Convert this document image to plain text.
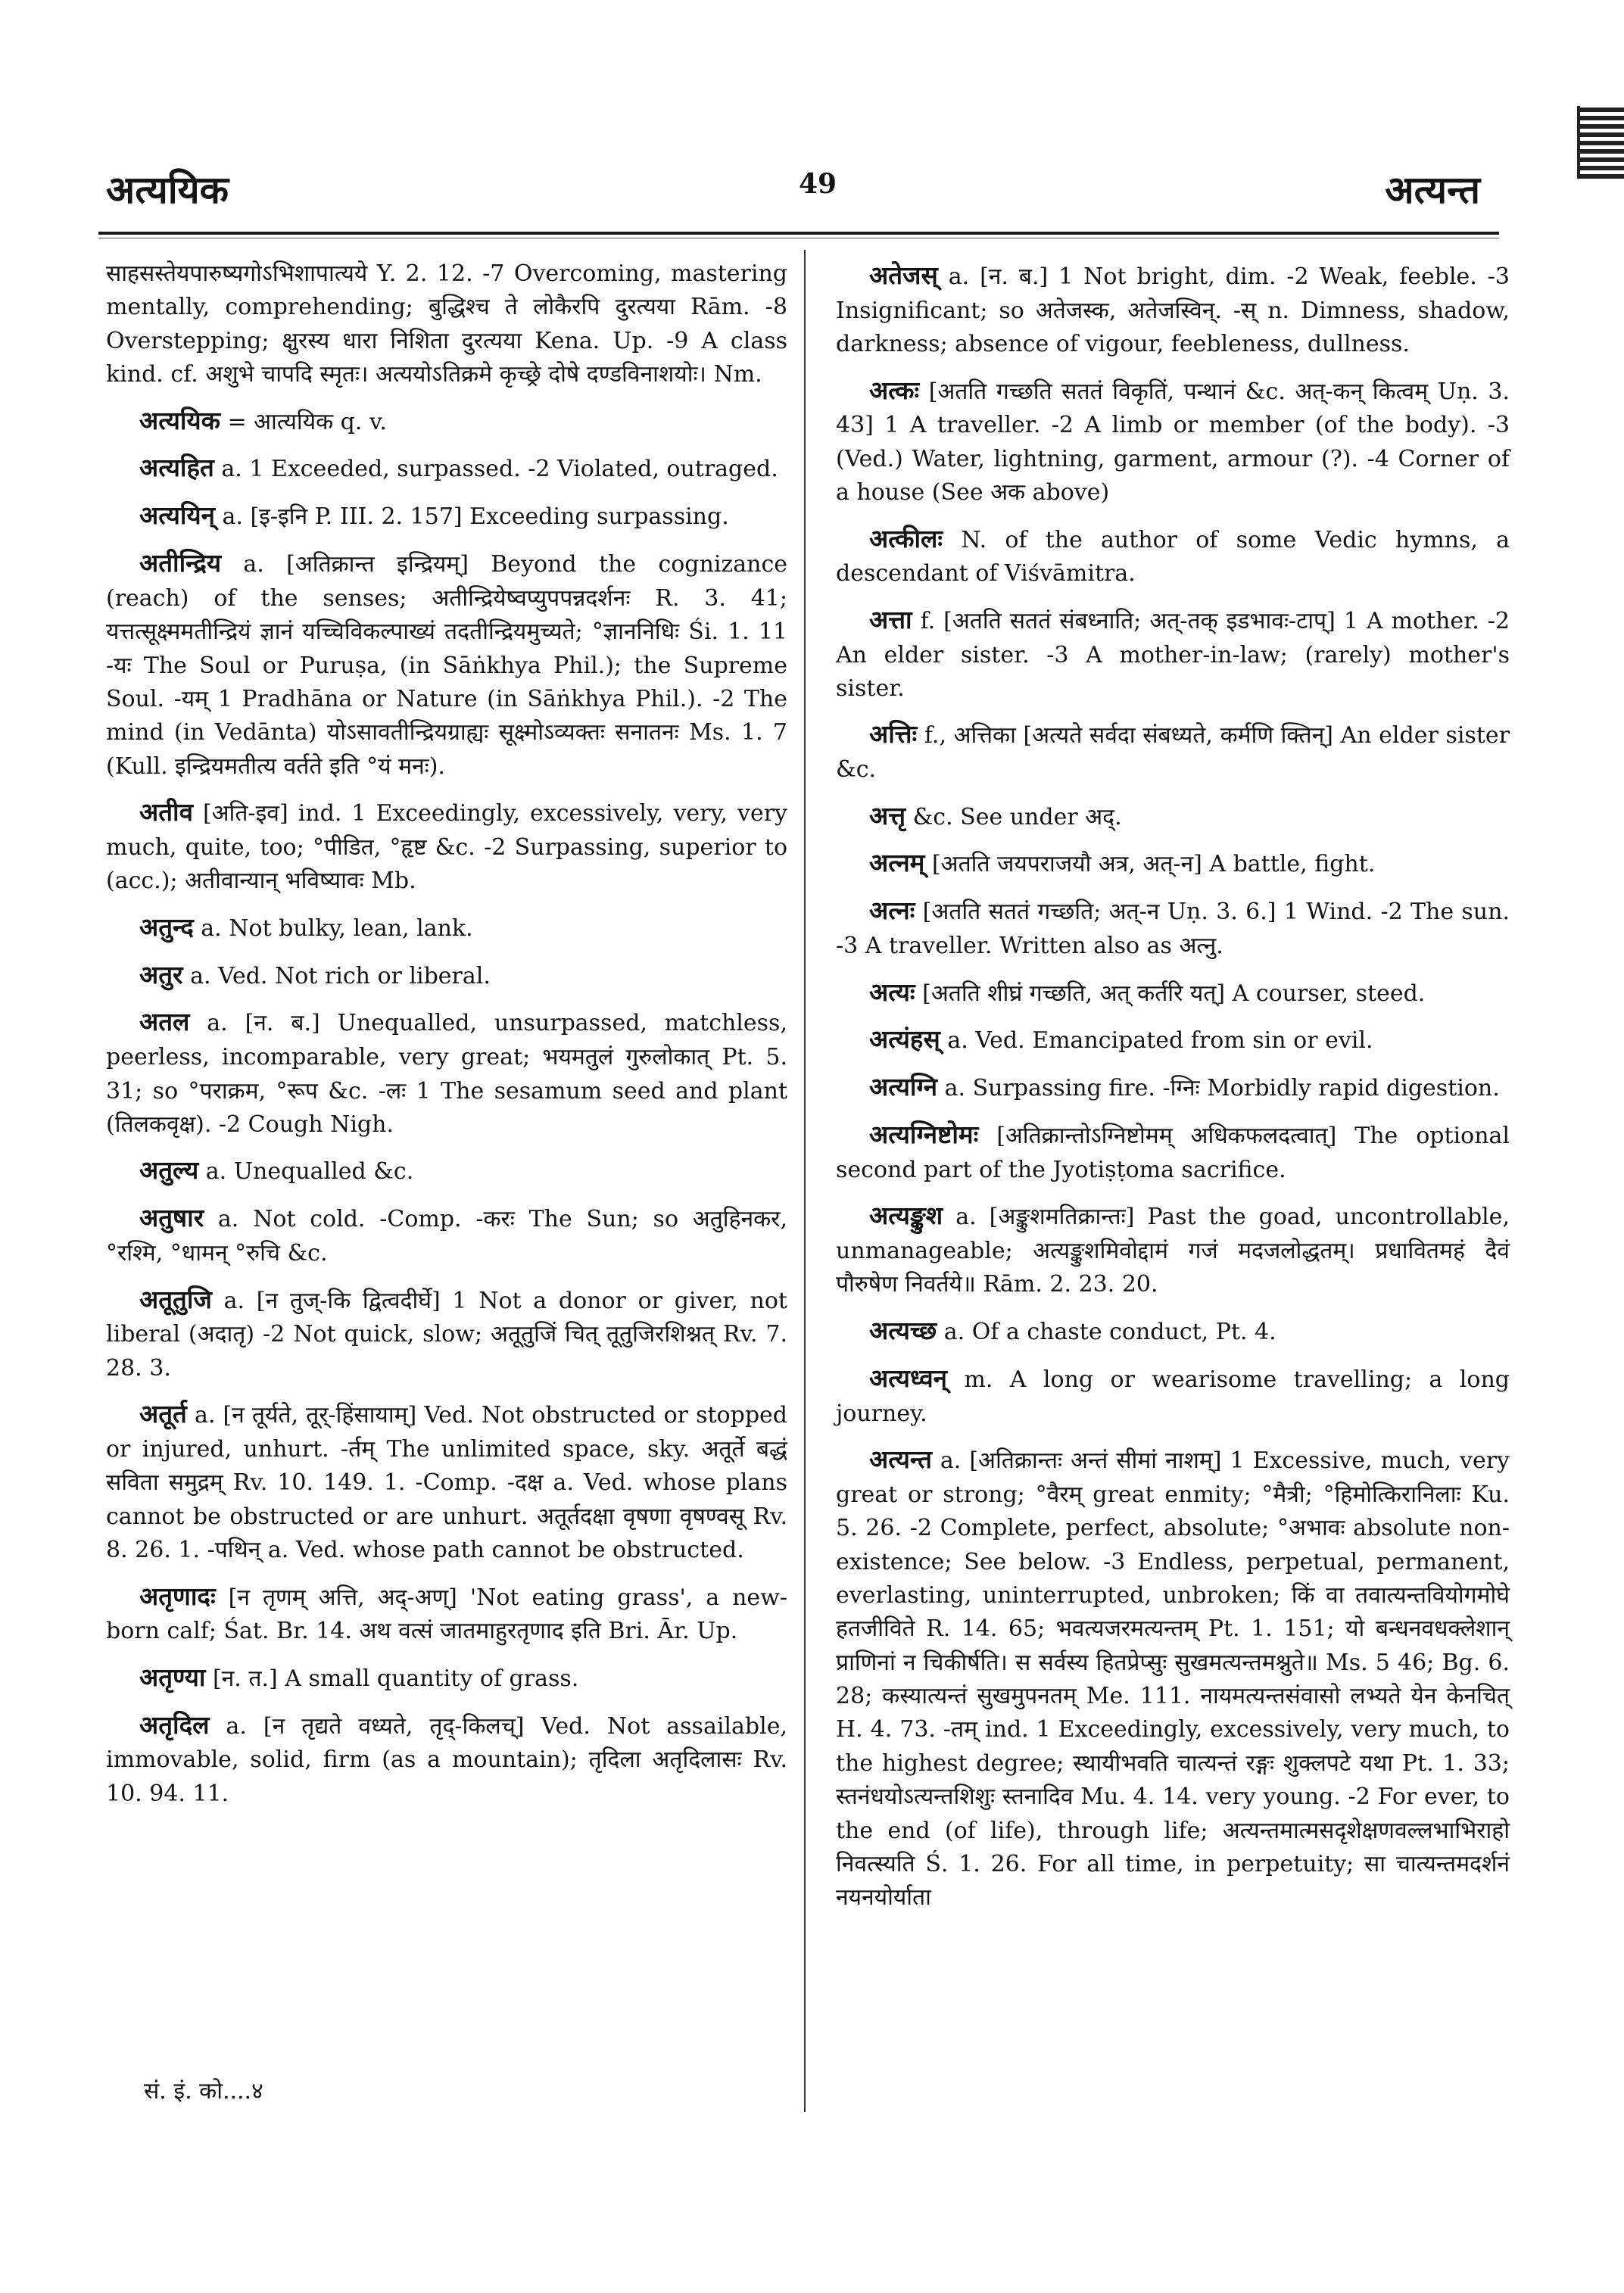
अत्ययिक	49	अत्यन्त

साहसस्तेयपारुष्यगोऽभिशापात्यये Y. 2. 12. -7 Overcoming, mastering mentally, comprehending; बुद्धिश्च ते लोकैरपि दुरत्यया Rām. -8 Overstepping; क्षुरस्य धारा निशिता दुरत्यया Kena. Up. -9 A class kind. cf. अशुभे चापदि स्मृतः। अत्ययोऽतिक्रमे कृच्छ्रे दोषे दण्डविनाशयोः। Nm.

अत्ययिक = आत्ययिक q. v.

अत्यहित a. 1 Exceeded, surpassed. -2 Violated, outraged.

अत्ययिन् a. [इ-इनि P. III. 2. 157] Exceeding surpassing.

अतीन्द्रिय a. [अतिक्रान्त इन्द्रियम्] Beyond the cognizance (reach) of the senses; अतीन्द्रियेष्वप्युपपन्नदर्शनः R. 3. 41; यत्तत्सूक्ष्ममतीन्द्रियं ज्ञानं यच्चिविकल्पाख्यं तदतीन्द्रियमुच्यते; °ज्ञाननिधिः Śi. 1. 11 -यः The Soul or Puruṣa, (in Sāṅkhya Phil.); the Supreme Soul. -यम् 1 Pradhāna or Nature (in Sāṅkhya Phil.). -2 The mind (in Vedānta) योऽसावतीन्द्रियग्राह्यः सूक्ष्मोऽव्यक्तः सनातनः Ms. 1. 7 (Kull. इन्द्रियमतीत्य वर्तते इति °यं मनः).

अतीव [अति-इव] ind. 1 Exceedingly, excessively, very, very much, quite, too; °पीडित, °हृष्ट &c. -2 Surpassing, superior to (acc.); अतीवान्यान् भविष्यावः Mb.

अतुन्द a. Not bulky, lean, lank.

अतुर a. Ved. Not rich or liberal.

अतल a. [न. ब.] Unequalled, unsurpassed, matchless, peerless, incomparable, very great; भयमतुलं गुरुलोकात् Pt. 5. 31; so °पराक्रम, °रूप &c. -लः 1 The sesamum seed and plant (तिलकवृक्ष). -2 Cough Nigh.

अतुल्य a. Unequalled &c.

अतुषार a. Not cold. -Comp. -करः The Sun; so अतुहिनकर, °रश्मि, °धामन् °रुचि &c.

अतूतुजि a. [न तुज्-कि द्वित्वदीर्घे] 1 Not a donor or giver, not liberal (अदातृ) -2 Not quick, slow; अतूतुजिं चित् तूतुजिरशिश्नत् Rv. 7. 28. 3.

अतूर्त a. [न तूर्यते, तूर्-हिंसायाम्] Ved. Not obstructed or stopped or injured, unhurt. -र्तम् The unlimited space, sky. अतूर्ते बद्धं सविता समुद्रम् Rv. 10. 149. 1. -Comp. -दक्ष a. Ved. whose plans cannot be obstructed or are unhurt. अतूर्तदक्षा वृषणा वृषण्वसू Rv. 8. 26. 1. -पथिन् a. Ved. whose path cannot be obstructed.

अतृणादः [न तृणम् अत्ति, अद्-अण्] 'Not eating grass', a new-born calf; Śat. Br. 14. अथ वत्सं जातमाहुरतृणाद इति Bri. Ār. Up.

अतृण्या [न. त.] A small quantity of grass.

अतृदिल a. [न तृद्यते वध्यते, तृद्-किलच्] Ved. Not assailable, immovable, solid, firm (as a mountain); तृदिला अतृदिलासः Rv. 10. 94. 11.

अतेजस् a. [न. ब.] 1 Not bright, dim. -2 Weak, feeble. -3 Insignificant; so अतेजस्क, अतेजस्विन्. -स् n. Dimness, shadow, darkness; absence of vigour, feebleness, dullness.

अत्कः [अतति गच्छति सततं विकृतिं, पन्थानं &c. अत्-कन् कित्वम् Uṇ. 3. 43] 1 A traveller. -2 A limb or member (of the body). -3 (Ved.) Water, lightning, garment, armour (?). -4 Corner of a house (See अक above)

अत्कीलः N. of the author of some Vedic hymns, a descendant of Viśvāmitra.

अत्ता f. [अतति सततं संबध्नाति; अत्-तक् इडभावः-टाप्] 1 A mother. -2 An elder sister. -3 A mother-in-law; (rarely) mother's sister.

अत्तिः f., अत्तिका [अत्यते सर्वदा संबध्यते, कर्मणि क्तिन्] An elder sister &c.

अत्तृ &c. See under अद्.

अत्नम् [अतति जयपराजयौ अत्र, अत्-न] A battle, fight.

अत्नः [अतति सततं गच्छति; अत्-न Uṇ. 3. 6.] 1 Wind. -2 The sun. -3 A traveller. Written also as अत्नु.

अत्यः [अतति शीघ्रं गच्छति, अत् कर्तरि यत्] A courser, steed.

अत्यंहस् a. Ved. Emancipated from sin or evil.

अत्यग्नि a. Surpassing fire. -ग्निः Morbidly rapid digestion.

अत्यग्निष्टोमः [अतिक्रान्तोऽग्निष्टोमम् अधिकफलदत्वात्] The optional second part of the Jyotiṣṭoma sacrifice.

अत्यङ्कुश a. [अङ्कुशमतिक्रान्तः] Past the goad, uncontrollable, unmanageable; अत्यङ्कुशमिवोद्दामं गजं मदजलोद्धतम्। प्रधावितमहं दैवं पौरुषेण निवर्तये॥ Rām. 2. 23. 20.

अत्यच्छ a. Of a chaste conduct, Pt. 4.

अत्यध्वन् m. A long or wearisome travelling; a long journey.

अत्यन्त a. [अतिक्रान्तः अन्तं सीमां नाशम्] 1 Excessive, much, very great or strong; °वैरम् great enmity; °मैत्री; °हिमोत्किरानिलाः Ku. 5. 26. -2 Complete, perfect, absolute; °अभावः absolute non-existence; See below. -3 Endless, perpetual, permanent, everlasting, uninterrupted, unbroken; किं वा तवात्यन्तवियोगमोघे हतजीविते R. 14. 65; भवत्यजरमत्यन्तम् Pt. 1. 151; यो बन्धनवधक्लेशान् प्राणिनां न चिकीर्षति। स सर्वस्य हितप्रेप्सुः सुखमत्यन्तमश्नुते॥ Ms. 5 46; Bg. 6. 28; कस्यात्यन्तं सुखमुपनतम् Me. 111. नायमत्यन्तसंवासो लभ्यते येन केनचित् H. 4. 73. -तम् ind. 1 Exceedingly, excessively, very much, to the highest degree; स्थायीभवति चात्यन्तं रङ्गः शुक्लपटे यथा Pt. 1. 33; स्तनंधयोऽत्यन्तशिशुः स्तनादिव Mu. 4. 14. very young. -2 For ever, to the end (of life), through life; अत्यन्तमात्मसदृशेक्षणवल्लभाभिराहो निवत्स्यति Ś. 1. 26. For all time, in perpetuity; सा चात्यन्तमदर्शनं नयनयोर्याता

सं. इं. को....४
